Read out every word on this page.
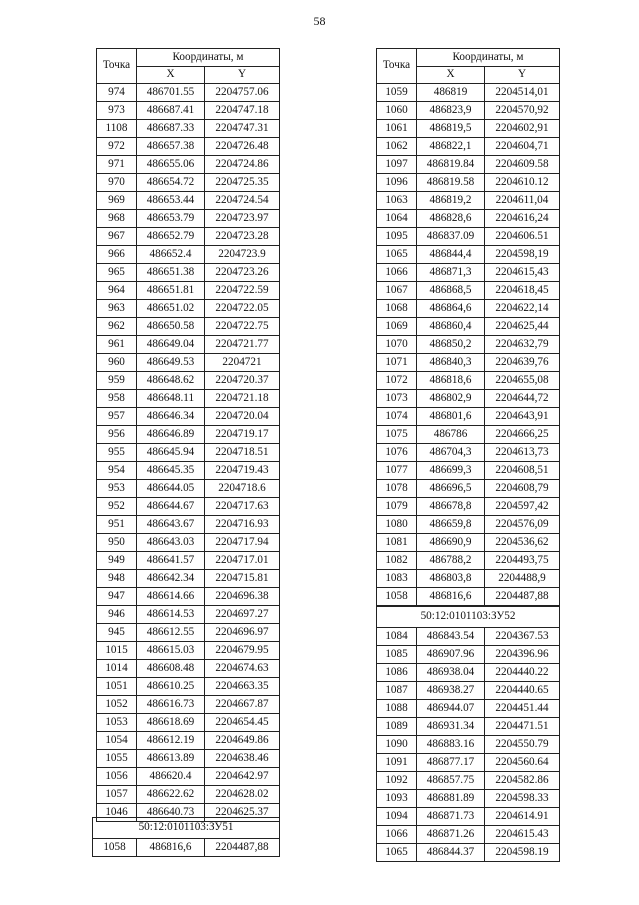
58
Точка	Координаты, м	
	X	Y
974	486701.55	2204757.06
973	486687.41	2204747.18
1108	486687.33	2204747.31
972	486657.38	2204726.48
971	486655.06	2204724.86
970	486654.72	2204725.35
969	486653.44	2204724.54
968	486653.79	2204723.97
967	486652.79	2204723.28
966	486652.4	2204723.9
965	486651.38	2204723.26
964	486651.81	2204722.59
963	486651.02	2204722.05
962	486650.58	2204722.75
961	486649.04	2204721.77
960	486649.53	2204721
959	486648.62	2204720.37
958	486648.11	2204721.18
957	486646.34	2204720.04
956	486646.89	2204719.17
955	486645.94	2204718.51
954	486645.35	2204719.43
953	486644.05	2204718.6
952	486644.67	2204717.63
951	486643.67	2204716.93
950	486643.03	2204717.94
949	486641.57	2204717.01
948	486642.34	2204715.81
947	486614.66	2204696.38
946	486614.53	2204697.27
945	486612.55	2204696.97
1015	486615.03	2204679.95
1014	486608.48	2204674.63
1051	486610.25	2204663.35
1052	486616.73	2204667.87
1053	486618.69	2204654.45
1054	486612.19	2204649.86
1055	486613.89	2204638.46
1056	486620.4	2204642.97
1057	486622.62	2204628.02
1046	486640.73	2204625.37
Точка	Координаты, м	
	X	Y
1059	486819	2204514,01
1060	486823,9	2204570,92
1061	486819,5	2204602,91
1062	486822,1	2204604,71
1097	486819.84	2204609.58
1096	486819.58	2204610.12
1063	486819,2	2204611,04
1064	486828,6	2204616,24
1095	486837.09	2204606.51
1065	486844,4	2204598,19
1066	486871,3	2204615,43
1067	486868,5	2204618,45
1068	486864,6	2204622,14
1069	486860,4	2204625,44
1070	486850,2	2204632,79
1071	486840,3	2204639,76
1072	486818,6	2204655,08
1073	486802,9	2204644,72
1074	486801,6	2204643,91
1075	486786	2204666,25
1076	486704,3	2204613,73
1077	486699,3	2204608,51
1078	486696,5	2204608,79
1079	486678,8	2204597,42
1080	486659,8	2204576,09
1081	486690,9	2204536,62
1082	486788,2	2204493,75
1083	486803,8	2204488,9
1058	486816,6	2204487,88
50:12:0101103:ЗУ51
1058	486816,6	2204487,88
50:12:0101103:ЗУ52		
1084	486843.54	2204367.53
1085	486907.96	2204396.96
1086	486938.04	2204440.22
1087	486938.27	2204440.65
1088	486944.07	2204451.44
1089	486931.34	2204471.51
1090	486883.16	2204550.79
1091	486877.17	2204560.64
1092	486857.75	2204582.86
1093	486881.89	2204598.33
1094	486871.73	2204614.91
1066	486871.26	2204615.43
1065	486844.37	2204598.19
